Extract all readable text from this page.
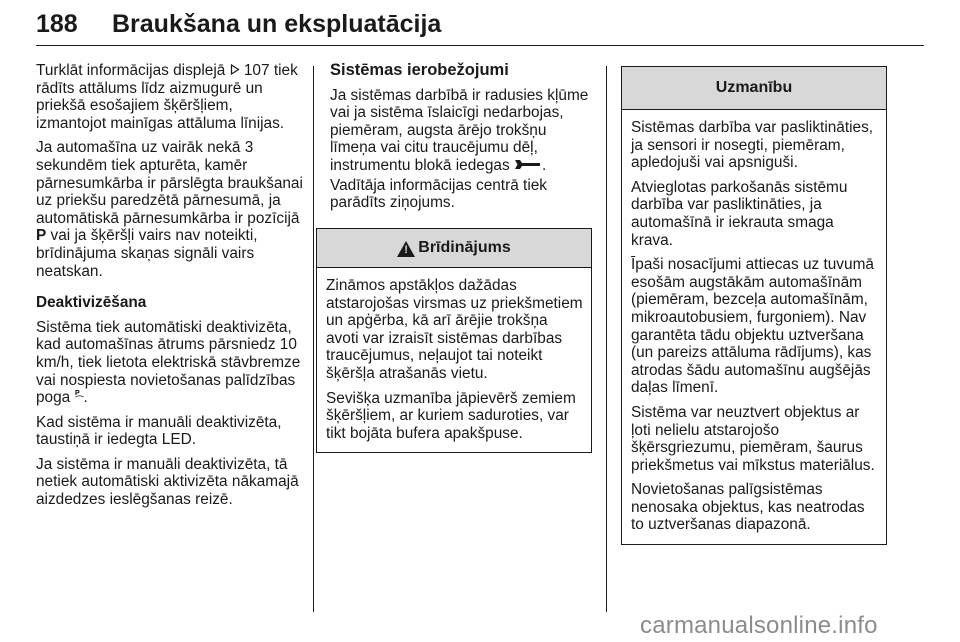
188 Braukšana un ekspluatācija

Turklāt informācijas displejā  107 tiek rādīts attālums līdz aizmugurē un priekšā esošajiem šķēršļiem, izmantojot mainīgas attāluma līnijas.

Ja automašīna uz vairāk nekā 3 sekundēm tiek apturēta, kamēr pārnesumkārba ir pārslēgta braukšanai uz priekšu paredzētā pārnesumā, ja automātiskā pārnesumkārba ir pozīcijā P vai ja šķēršļi vairs nav noteikti, brīdinājuma skaņas signāli vairs neatskan.

Deaktivizēšana

Sistēma tiek automātiski deaktivizēta, kad automašīnas ātrums pārsniedz 10 km/h, tiek lietota elektriskā stāvbremze vai nospiesta novietošanas palīdzības poga P .

Kad sistēma ir manuāli deaktivizēta, taustiņā ir iedegta LED.

Ja sistēma ir manuāli deaktivizēta, tā netiek automātiski aktivizēta nākamajā aizdedzes ieslēgšanas reizē.

Sistēmas ierobežojumi

Ja sistēmas darbībā ir radusies kļūme vai ja sistēma īslaicīgi nedarbojas, piemēram, augsta ārējo trokšņu līmeņa vai citu traucējumu dēļ, instrumentu blokā iedegas .

Vadītāja informācijas centrā tiek parādīts ziņojums.

! Brīdinājums

Zināmos apstākļos dažādas atstarojošas virsmas uz priekšmetiem un apģērba, kā arī ārējie trokšņa avoti var izraisīt sistēmas darbības traucējumus, neļaujot tai noteikt šķēršļa atrašanās vietu.

Sevišķa uzmanība jāpievērš zemiem šķēršļiem, ar kuriem saduroties, var tikt bojāta bufera apakšpuse.

Uzmanību

Sistēmas darbība var pasliktināties, ja sensori ir nosegti, piemēram, apledojuši vai apsniguši.

Atvieglotas parkošanās sistēmu darbība var pasliktināties, ja automašīnā ir iekrauta smaga krava.

Īpaši nosacījumi attiecas uz tuvumā esošām augstākām automašīnām (piemēram, bezceļa automašīnām, mikroautobusiem, furgoniem). Nav garantēta tādu objektu uztveršana (un pareizs attāluma rādījums), kas atrodas šādu automašīnu augšējās daļas līmenī.

Sistēma var neuztvert objektus ar ļoti nelielu atstarojošo šķērsgriezumu, piemēram, šaurus priekšmetus vai mīkstus materiālus.

Novietošanas palīgsistēmas nenosaka objektus, kas neatrodas to uztveršanas diapazonā.

carmanualsonline.info
